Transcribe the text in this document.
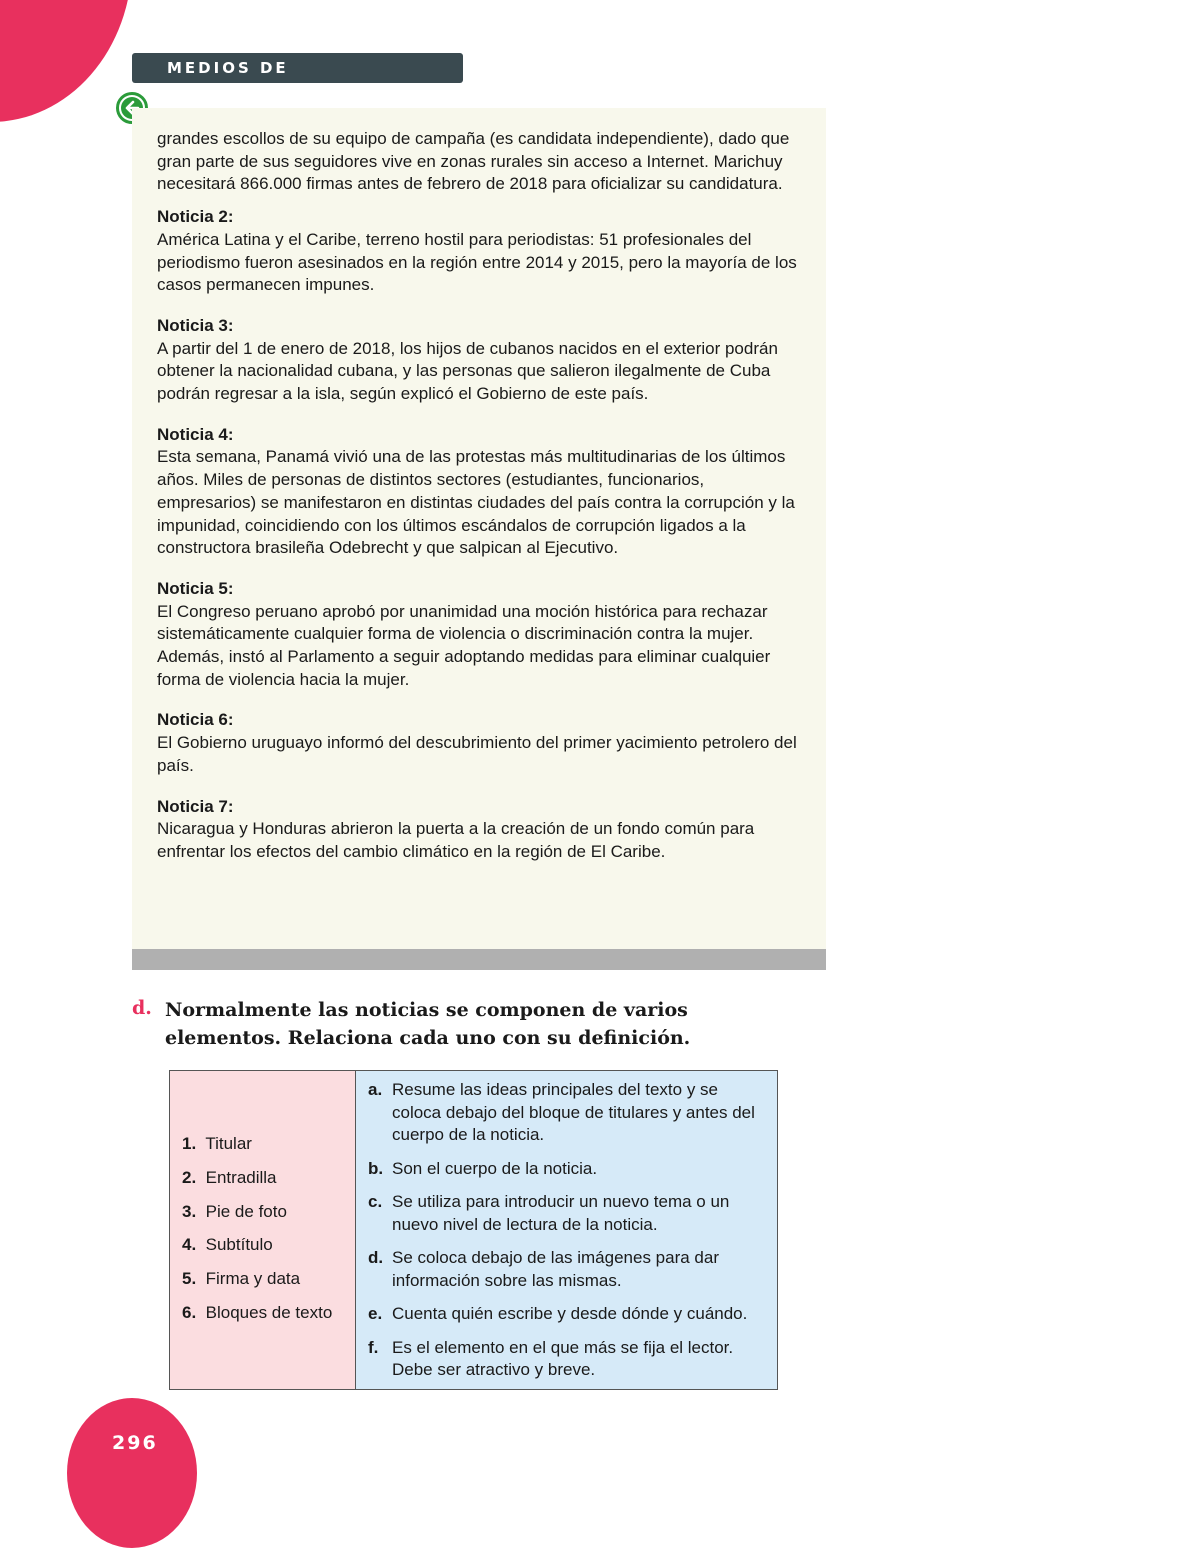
MEDIOS DE COMUNICACIÓN

grandes escollos de su equipo de campaña (es candidata independiente), dado que gran parte de sus seguidores vive en zonas rurales sin acceso a Internet. Marichuy necesitará 866.000 firmas antes de febrero de 2018 para oficializar su candidatura.

Noticia 2:

América Latina y el Caribe, terreno hostil para periodistas: 51 profesionales del periodismo fueron asesinados en la región entre 2014 y 2015, pero la mayoría de los casos permanecen impunes.

Noticia 3:

A partir del 1 de enero de 2018, los hijos de cubanos nacidos en el exterior podrán obtener la nacionalidad cubana, y las personas que salieron ilegalmente de Cuba podrán regresar a la isla, según explicó el Gobierno de este país.

Noticia 4:

Esta semana, Panamá vivió una de las protestas más multitudinarias de los últimos años. Miles de personas de distintos sectores (estudiantes, funcionarios, empresarios) se manifestaron en distintas ciudades del país contra la corrupción y la impunidad, coincidiendo con los últimos escándalos de corrupción ligados a la constructora brasileña Odebrecht y que salpican al Ejecutivo.

Noticia 5:

El Congreso peruano aprobó por unanimidad una moción histórica para rechazar sistemáticamente cualquier forma de violencia o discriminación contra la mujer. Además, instó al Parlamento a seguir adoptando medidas para eliminar cualquier forma de violencia hacia la mujer.

Noticia 6:

El Gobierno uruguayo informó del descubrimiento del primer yacimiento petrolero del país.

Noticia 7:

Nicaragua y Honduras abrieron la puerta a la creación de un fondo común para enfrentar los efectos del cambio climático en la región de El Caribe.

d. Normalmente las noticias se componen de varios elementos. Relaciona cada uno con su definición.
1. Titular
2. Entradilla
3. Pie de foto
4. Subtítulo
5. Firma y data
6. Bloques de texto
a. Resume las ideas principales del texto y se coloca debajo del bloque de titulares y antes del cuerpo de la noticia.
b. Son el cuerpo de la noticia.
c. Se utiliza para introducir un nuevo tema o un nuevo nivel de lectura de la noticia.
d. Se coloca debajo de las imágenes para dar información sobre las mismas.
e. Cuenta quién escribe y desde dónde y cuándo.
f. Es el elemento en el que más se fija el lector. Debe ser atractivo y breve.
296
